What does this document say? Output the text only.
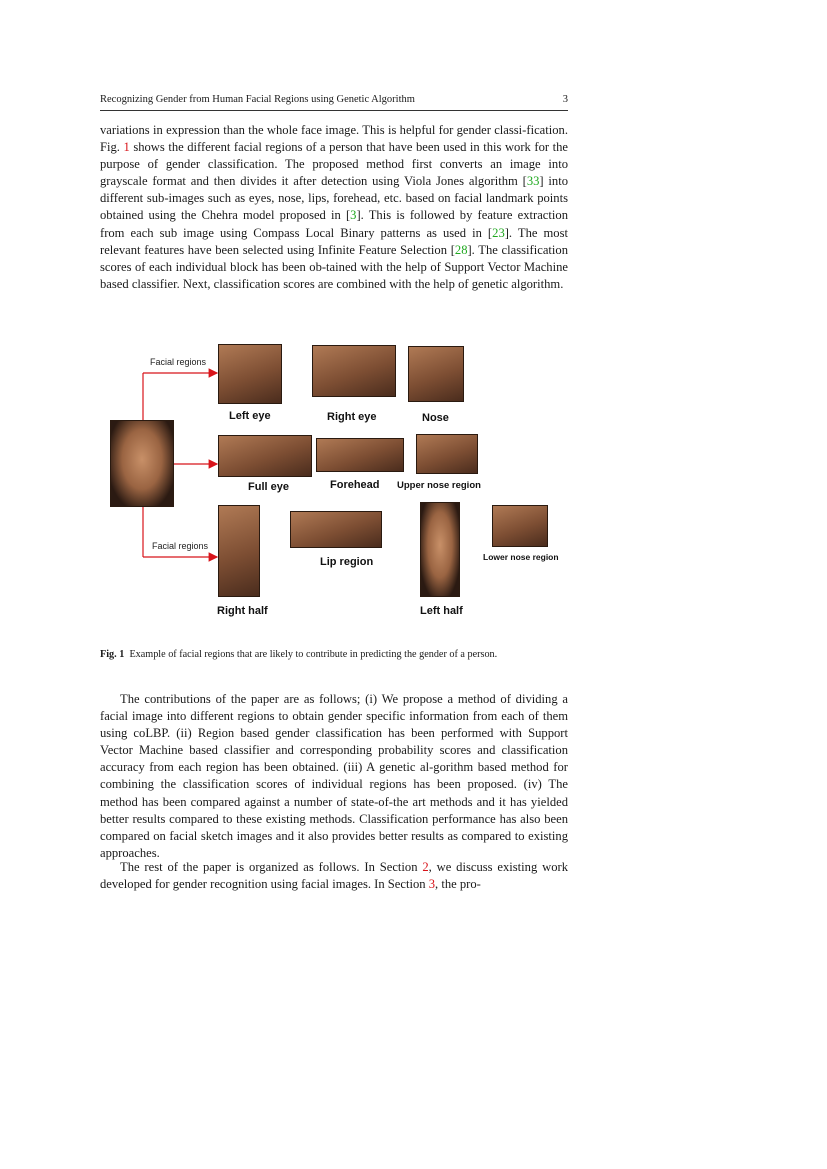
Recognizing Gender from Human Facial Regions using Genetic Algorithm	3

variations in expression than the whole face image. This is helpful for gender classi-fication. Fig. 1 shows the different facial regions of a person that have been used in this work for the purpose of gender classification. The proposed method first converts an image into grayscale format and then divides it after detection using Viola Jones algorithm [33] into different sub-images such as eyes, nose, lips, forehead, etc. based on facial landmark points obtained using the Chehra model proposed in [3]. This is followed by feature extraction from each sub image using Compass Local Binary patterns as used in [23]. The most relevant features have been selected using Infinite Feature Selection [28]. The classification scores of each individual block has been ob-tained with the help of Support Vector Machine based classifier. Next, classification scores are combined with the help of genetic algorithm.

Facial regions
Facial regions
Left eye	Right eye	Nose
Full eye	Forehead Upper nose region
Lip region	Lower nose region
Right half	Left half
Fig. 1 Example of facial regions that are likely to contribute in predicting the gender of a person.

The contributions of the paper are as follows; (i) We propose a method of dividing a facial image into different regions to obtain gender specific information from each of them using coLBP. (ii) Region based gender classification has been performed with Support Vector Machine based classifier and corresponding probability scores and classification accuracy from each region has been obtained. (iii) A genetic al-gorithm based method for combining the classification scores of individual regions has been proposed. (iv) The method has been compared against a number of state-of-the art methods and it has yielded better results compared to these existing methods. Classification performance has also been compared on facial sketch images and it also provides better results as compared to existing approaches.

The rest of the paper is organized as follows. In Section 2, we discuss existing work developed for gender recognition using facial images. In Section 3, the pro-
